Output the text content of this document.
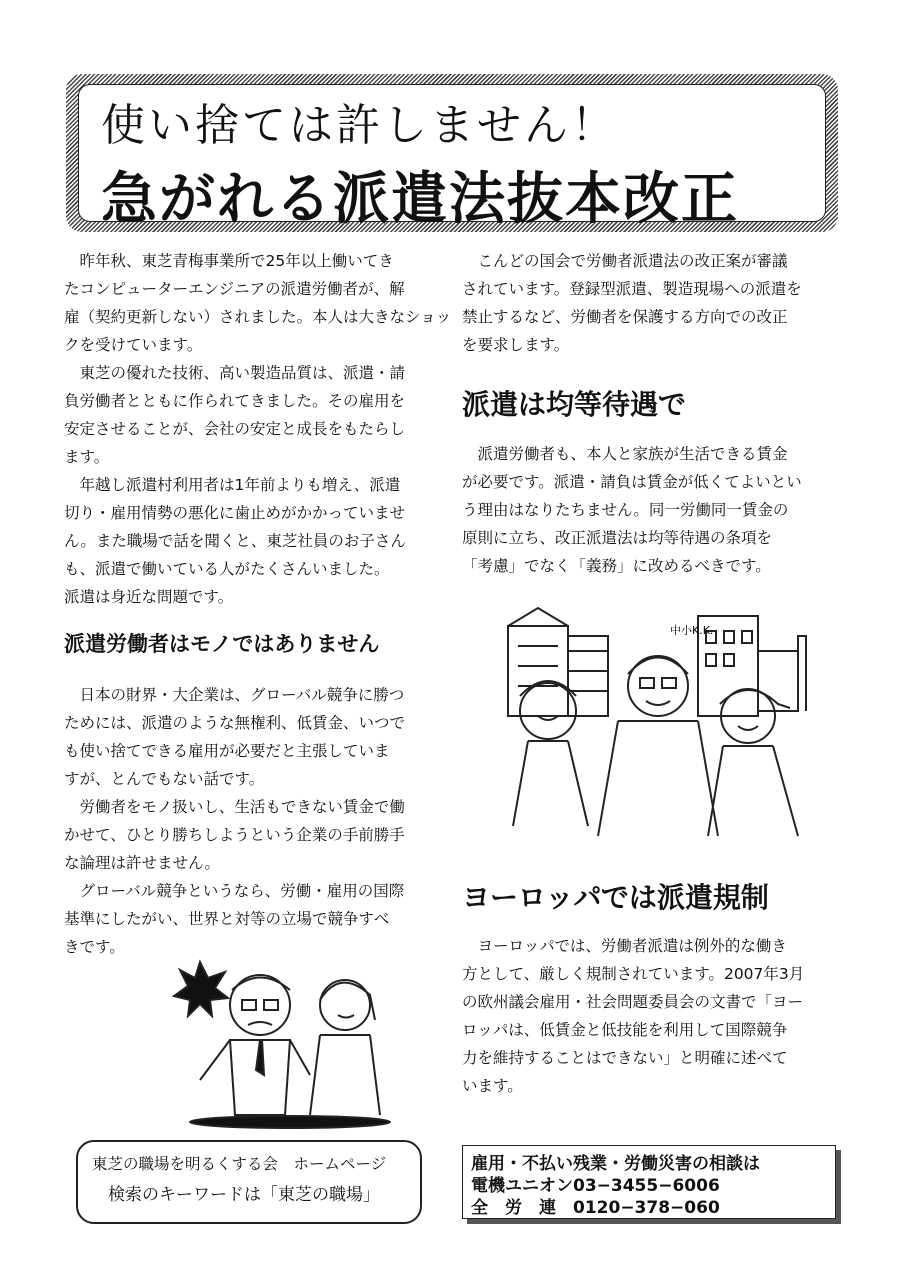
使い捨ては許しません！
急がれる派遣法抜本改正
　昨年秋、東芝青梅事業所で25年以上働いてき
たコンピューターエンジニアの派遣労働者が、解
雇（契約更新しない）されました。本人は大きなショッ
クを受けています。
　東芝の優れた技術、高い製造品質は、派遣・請
負労働者とともに作られてきました。その雇用を
安定させることが、会社の安定と成長をもたらし
ます。
　年越し派遣村利用者は1年前よりも増え、派遣
切り・雇用情勢の悪化に歯止めがかかっていませ
ん。また職場で話を聞くと、東芝社員のお子さん
も、派遣で働いている人がたくさんいました。
派遣は身近な問題です。
派遣労働者はモノではありません
　日本の財界・大企業は、グローバル競争に勝つ
ためには、派遣のような無権利、低賃金、いつで
も使い捨てできる雇用が必要だと主張していま
すが、とんでもない話です。
　労働者をモノ扱いし、生活もできない賃金で働
かせて、ひとり勝ちしようという企業の手前勝手
な論理は許せません。
　グローバル競争というなら、労働・雇用の国際
基準にしたがい、世界と対等の立場で競争すべ
きです。
　こんどの国会で労働者派遣法の改正案が審議
されています。登録型派遣、製造現場への派遣を
禁止するなど、労働者を保護する方向での改正
を要求します。
派遣は均等待遇で
　派遣労働者も、本人と家族が生活できる賃金
が必要です。派遣・請負は賃金が低くてよいとい
う理由はなりたちません。同一労働同一賃金の
原則に立ち、改正派遣法は均等待遇の条項を
「考慮」でなく「義務」に改めるべきです。
ヨーロッパでは派遣規制
　ヨーロッパでは、労働者派遣は例外的な働き
方として、厳しく規制されています。2007年3月
の欧州議会雇用・社会問題委員会の文書で「ヨー
ロッパは、低賃金と低技能を利用して国際競争
力を維持することはできない」と明確に述べて
います。
中小K.K.
東芝の職場を明るくする会　ホームページ
検索のキーワードは「東芝の職場」
雇用・不払い残業・労働災害の相談は
電機ユニオン03−3455−6006
全　労　連　0120−378−060
